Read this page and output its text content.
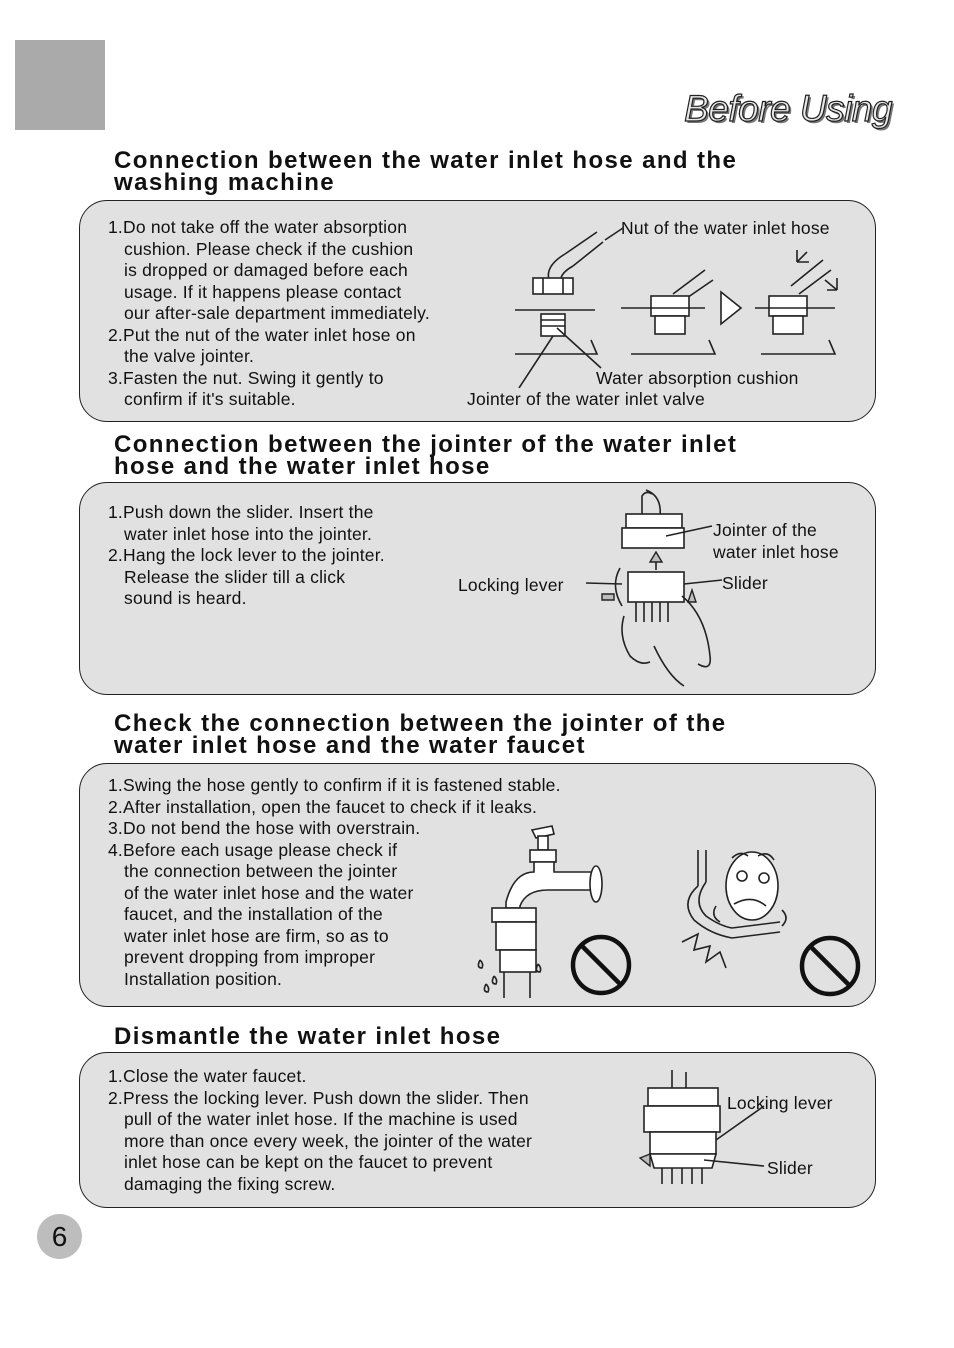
Before Using
Connection between the water inlet hose and the
washing machine
1.Do not take off the water absorption
cushion. Please check if the cushion
is dropped or damaged before each
usage. If it happens please contact
our after-sale department immediately.
2.Put the nut of the water inlet hose on
the valve jointer.
3.Fasten the nut. Swing it gently to
confirm if it's suitable.
Nut of the water inlet hose
Water absorption cushion
Jointer of the water inlet valve
Connection between the jointer of the water inlet
hose and the water inlet hose
1.Push down the slider. Insert the
water inlet hose into the jointer.
2.Hang the lock lever to the jointer.
Release the slider till a click
sound is heard.
Jointer of the
water inlet hose
Locking lever	Slider
Check the connection between the jointer of the
water inlet hose and the water faucet
1.Swing the hose gently to confirm if it is fastened stable.
2.After installation, open the faucet to check if it leaks.
3.Do not bend the hose with overstrain.
4.Before each usage please check if
the connection between the jointer
of the water inlet hose and the water
faucet, and the installation of the
water inlet hose are firm, so as to
prevent dropping from improper
Installation position.
Dismantle the water inlet hose
1.Close the water faucet.
2.Press the locking lever. Push down the slider. Then
pull of the water inlet hose. If the machine is used
more than once every week, the jointer of the water
inlet hose can be kept on the faucet to prevent
damaging the fixing screw.
Locking lever
Slider
6
